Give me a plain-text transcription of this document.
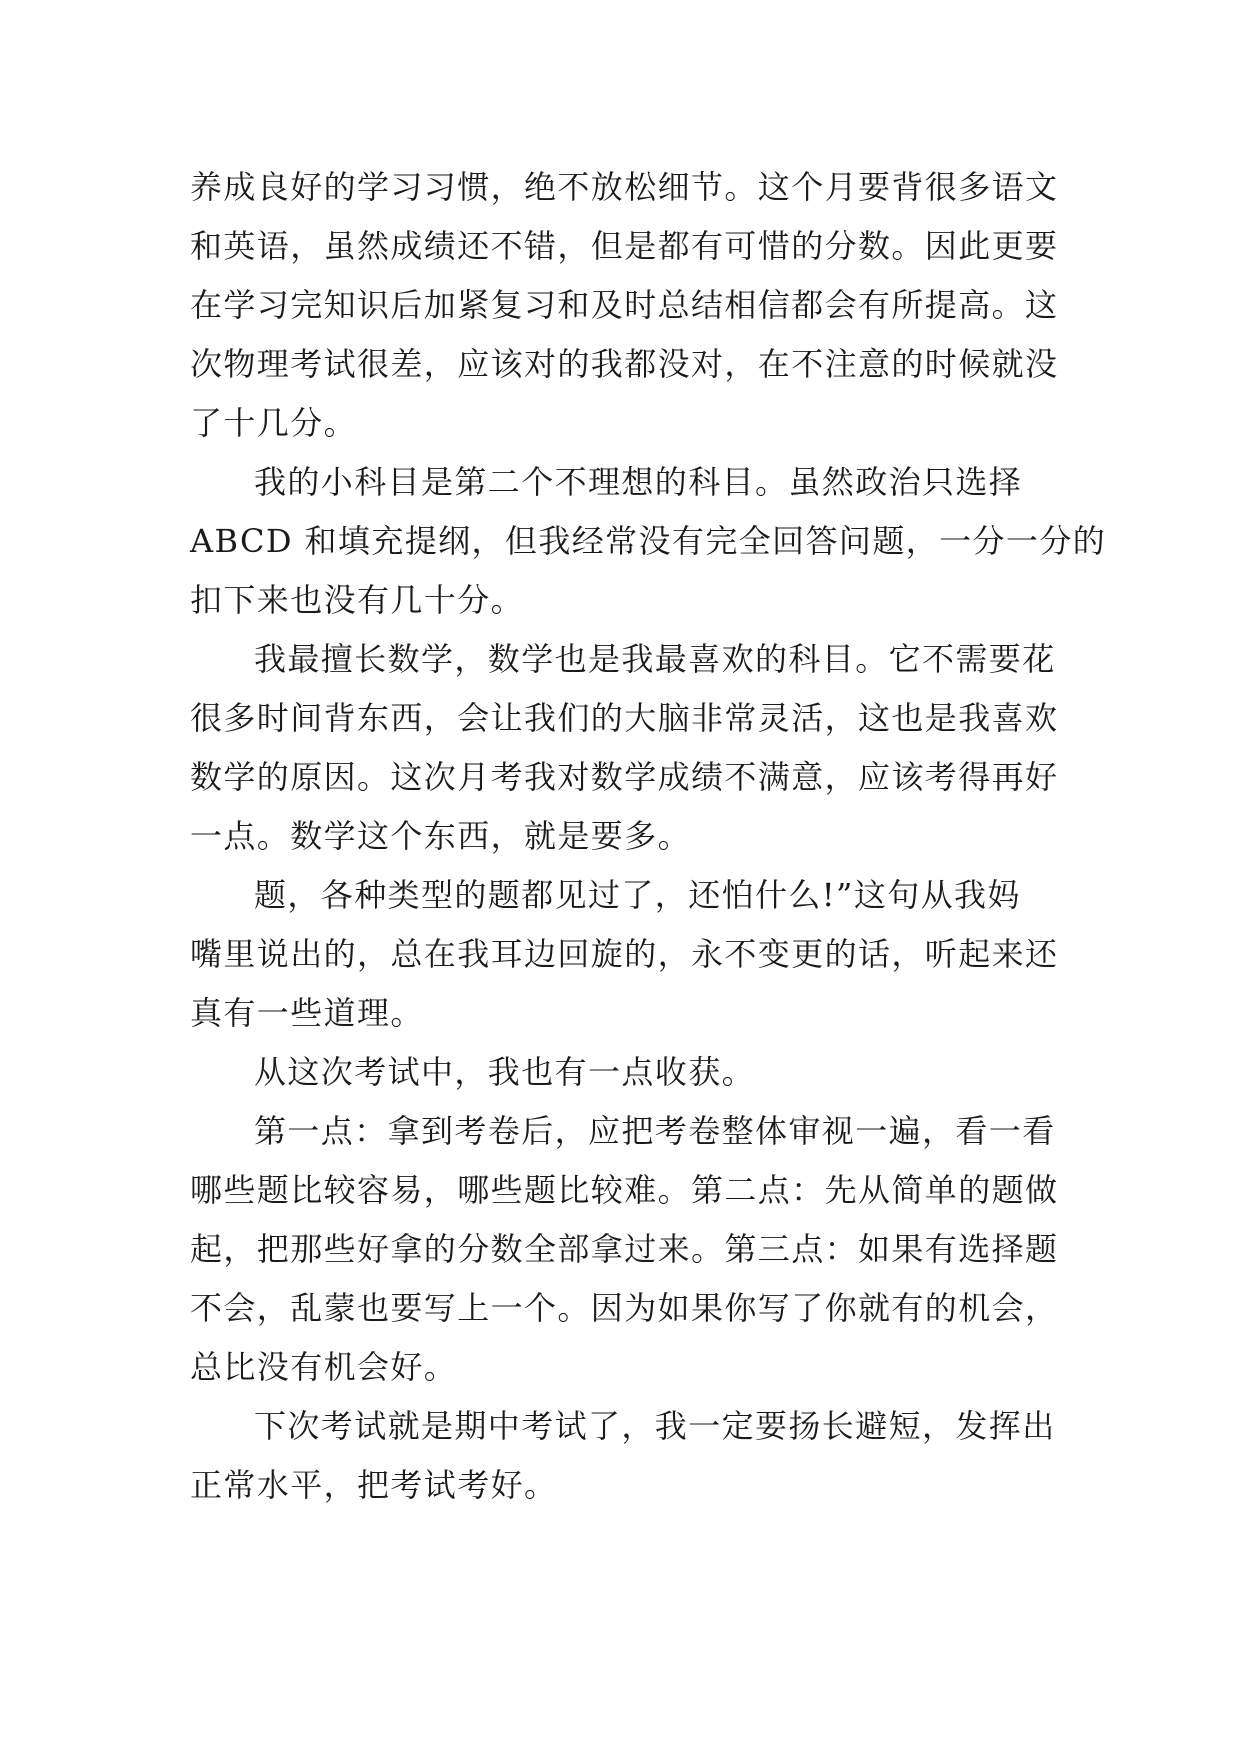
养成良好的学习习惯，绝不放松细节。这个月要背很多语文
和英语，虽然成绩还不错，但是都有可惜的分数。因此更要
在学习完知识后加紧复习和及时总结相信都会有所提高。这
次物理考试很差，应该对的我都没对，在不注意的时候就没
了十几分。

我的小科目是第二个不理想的科目。虽然政治只选择
ABCD 和填充提纲，但我经常没有完全回答问题，一分一分的
扣下来也没有几十分。

我最擅长数学，数学也是我最喜欢的科目。它不需要花
很多时间背东西，会让我们的大脑非常灵活，这也是我喜欢
数学的原因。这次月考我对数学成绩不满意，应该考得再好
一点。数学这个东西，就是要多。

题，各种类型的题都见过了，还怕什么!”这句从我妈
嘴里说出的，总在我耳边回旋的，永不变更的话，听起来还
真有一些道理。

从这次考试中，我也有一点收获。

第一点：拿到考卷后，应把考卷整体审视一遍，看一看
哪些题比较容易，哪些题比较难。第二点：先从简单的题做
起，把那些好拿的分数全部拿过来。第三点：如果有选择题
不会，乱蒙也要写上一个。因为如果你写了你就有的机会，
总比没有机会好。

下次考试就是期中考试了，我一定要扬长避短，发挥出
正常水平，把考试考好。
